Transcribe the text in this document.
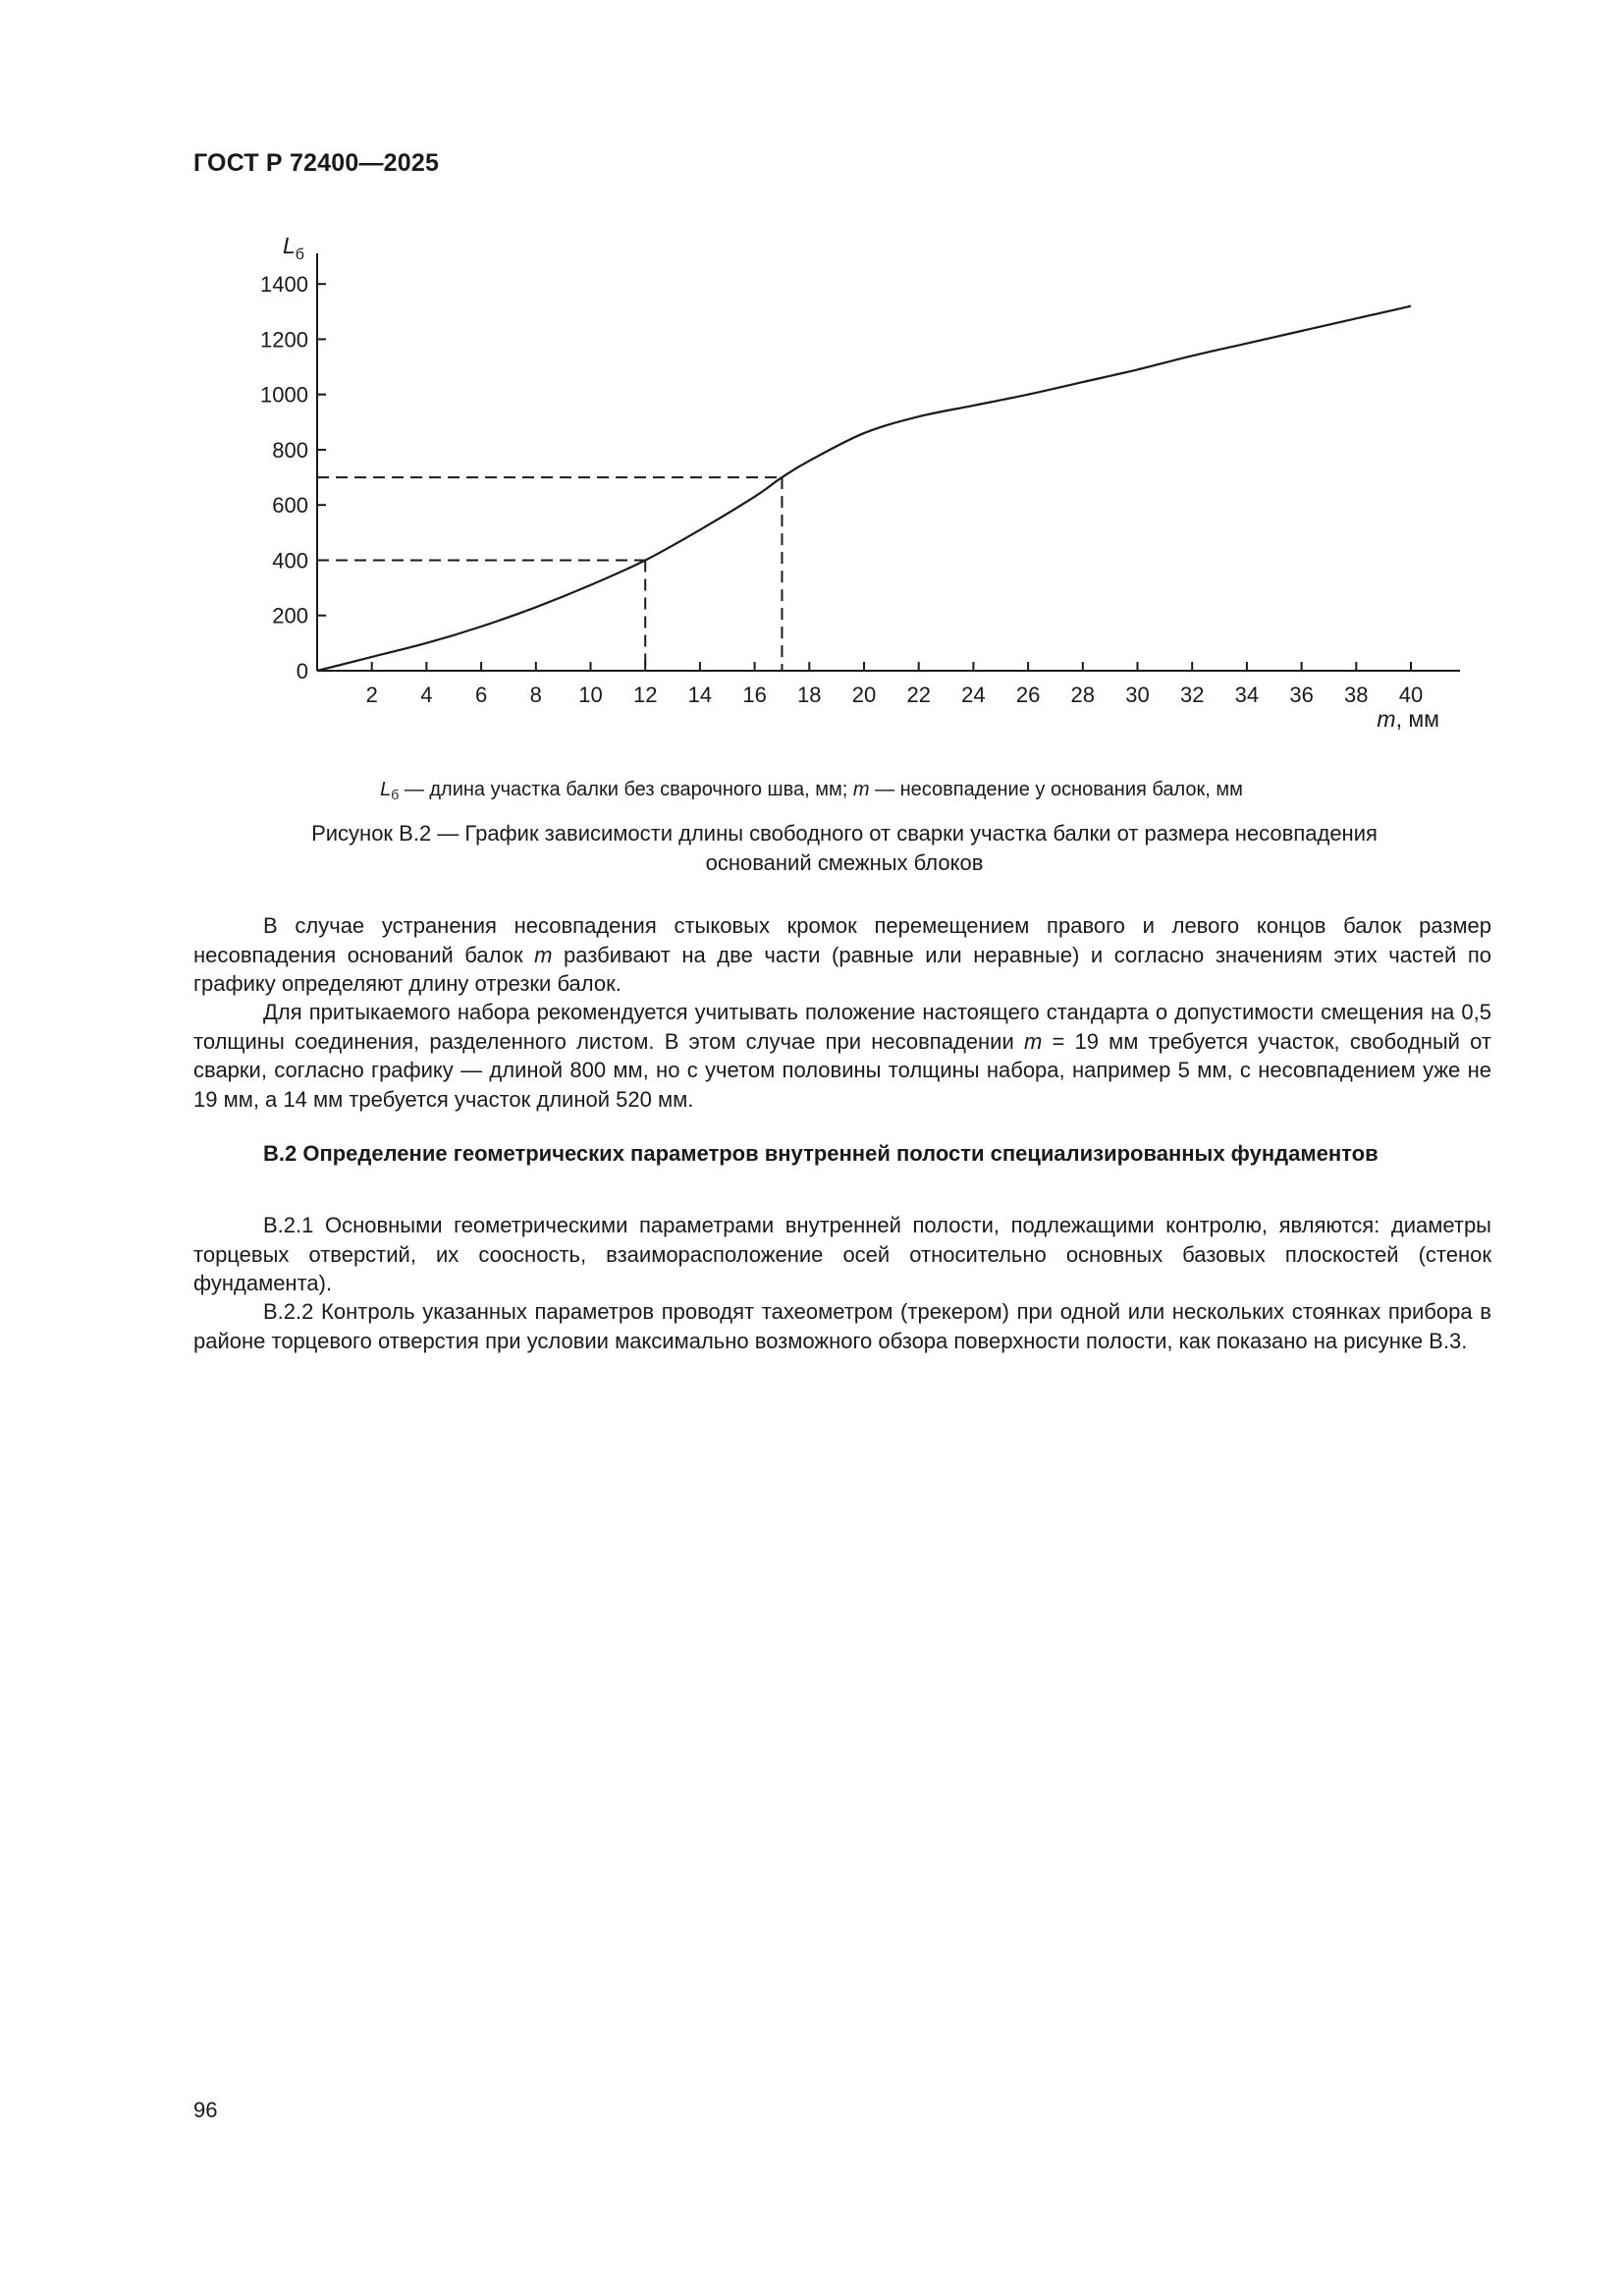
ГОСТ Р 72400—2025
2 4 6 8 10 12 14 16 18 20 22 24 26 28 30 32 34 36 38 40
0
200
400
600
800
1000
1200
1400
$L_б$
m, мм
$L_б$ — длина участка балки без сварочного шва, мм; m — несовпадение у основания балок, мм
Рисунок В.2 — График зависимости длины свободного от сварки участка балки от размера несовпадения
оснований смежных блоков
В случае устранения несовпадения стыковых кромок перемещением правого и левого концов балок размер несовпадения оснований балок m разбивают на две части (равные или неравные) и согласно значениям этих частей по графику определяют длину отрезки балок.
Для притыкаемого набора рекомендуется учитывать положение настоящего стандарта о допустимости смещения на 0,5 толщины соединения, разделенного листом. В этом случае при несовпадении m = 19 мм требуется участок, свободный от сварки, согласно графику — длиной 800 мм, но с учетом половины толщины набора, например 5 мм, с несовпадением уже не 19 мм, а 14 мм требуется участок длиной 520 мм.
В.2 Определение геометрических параметров внутренней полости специализированных фундаментов
В.2.1 Основными геометрическими параметрами внутренней полости, подлежащими контролю, являются: диаметры торцевых отверстий, их соосность, взаиморасположение осей относительно основных базовых плоскостей (стенок фундамента).
В.2.2 Контроль указанных параметров проводят тахеометром (трекером) при одной или нескольких стоянках прибора в районе торцевого отверстия при условии максимально возможного обзора поверхности полости, как показано на рисунке В.3.
96
